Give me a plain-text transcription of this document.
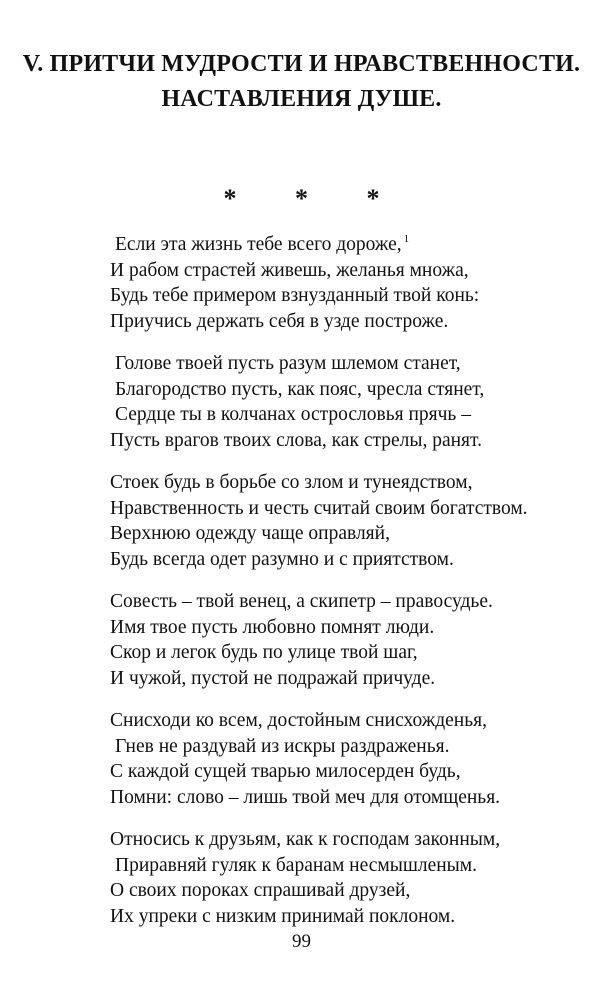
V. ПРИТЧИ МУДРОСТИ И НРАВСТВЕННОСТИ.
НАСТАВЛЕНИЯ ДУШЕ.
* * *
Если эта жизнь тебе всего дороже, $^1$
И рабом страстей живешь, желанья множа,
Будь тебе примером взнузданный твой конь:
Приучись держать себя в узде построже.
Голове твоей пусть разум шлемом станет,
Благородство пусть, как пояс, чресла стянет,
Сердце ты в колчанах острословья прячь –
Пусть врагов твоих слова, как стрелы, ранят.
Стоек будь в борьбе со злом и тунеядством,
Нравственность и честь считай своим богатством.
Верхнюю одежду чаще оправляй,
Будь всегда одет разумно и с приятством.
Совесть – твой венец, а скипетр – правосудье.
Имя твое пусть любовно помнят люди.
Скор и легок будь по улице твой шаг,
И чужой, пустой не подражай причуде.
Снисходи ко всем, достойным снисхожденья,
Гнев не раздувай из искры раздраженья.
С каждой сущей тварью милосерден будь,
Помни: слово – лишь твой меч для отомщенья.
Относись к друзьям, как к господам законным,
Приравняй гуляк к баранам несмышленым.
О своих пороках спрашивай друзей,
Их упреки с низким принимай поклоном.
99
